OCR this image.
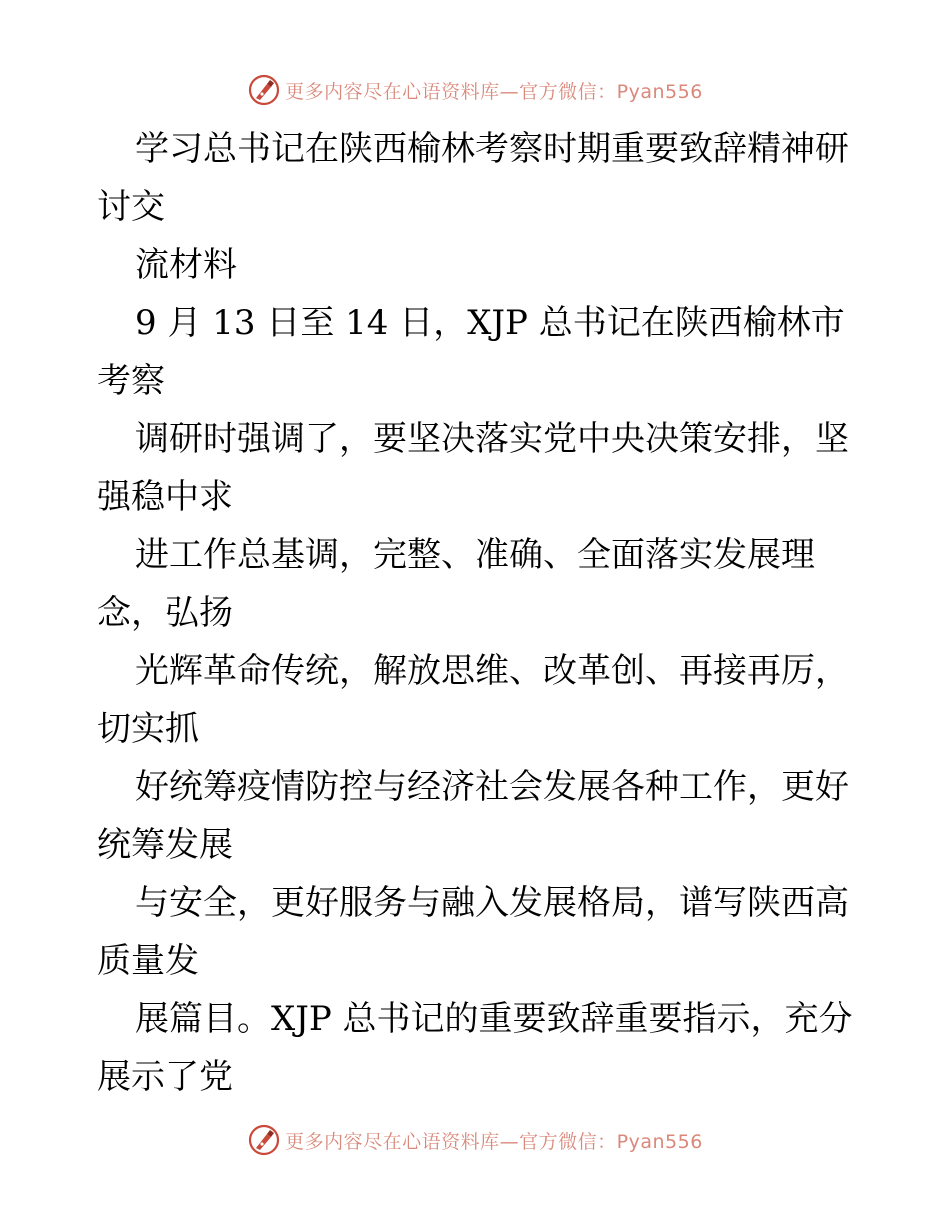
更多内容尽在心语资料库—官方微信：Pyan556
学习总书记在陕西榆林考察时期重要致辞精神研
讨交
流材料
9 月 13 日至 14 日，XJP 总书记在陕西榆林市
考察
调研时强调了，要坚决落实党中央决策安排，坚
强稳中求
进工作总基调，完整、准确、全面落实发展理
念，弘扬
光辉革命传统，解放思维、改革创、再接再厉，
切实抓
好统筹疫情防控与经济社会发展各种工作，更好
统筹发展
与安全，更好服务与融入发展格局，谱写陕西高
质量发
展篇目。XJP 总书记的重要致辞重要指示，充分
展示了党
更多内容尽在心语资料库—官方微信：Pyan556
